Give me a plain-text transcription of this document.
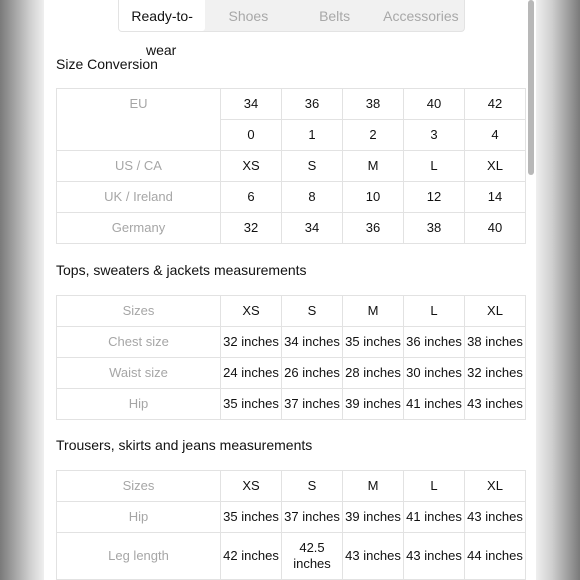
Ready-to-	Shoes	Belts	Accessories
wear
Size Conversion
EU	34	36	38	40	42
	0	1	2	3	4
US / CA	XS	S	M	L	XL
UK / Ireland	6	8	10	12	14
Germany	32	34	36	38	40
Tops, sweaters & jackets measurements
Sizes	XS	S	M	L	XL
Chest size	32 inches	34 inches	35 inches	36 inches	38 inches
Waist size	24 inches	26 inches	28 inches	30 inches	32 inches
Hip	35 inches	37 inches	39 inches	41 inches	43 inches
Trousers, skirts and jeans measurements
Sizes	XS	S	M	L	XL
Hip	35 inches	37 inches	39 inches	41 inches	43 inches
Leg length	42 inches	42.5 inches	43 inches	43 inches	44 inches
